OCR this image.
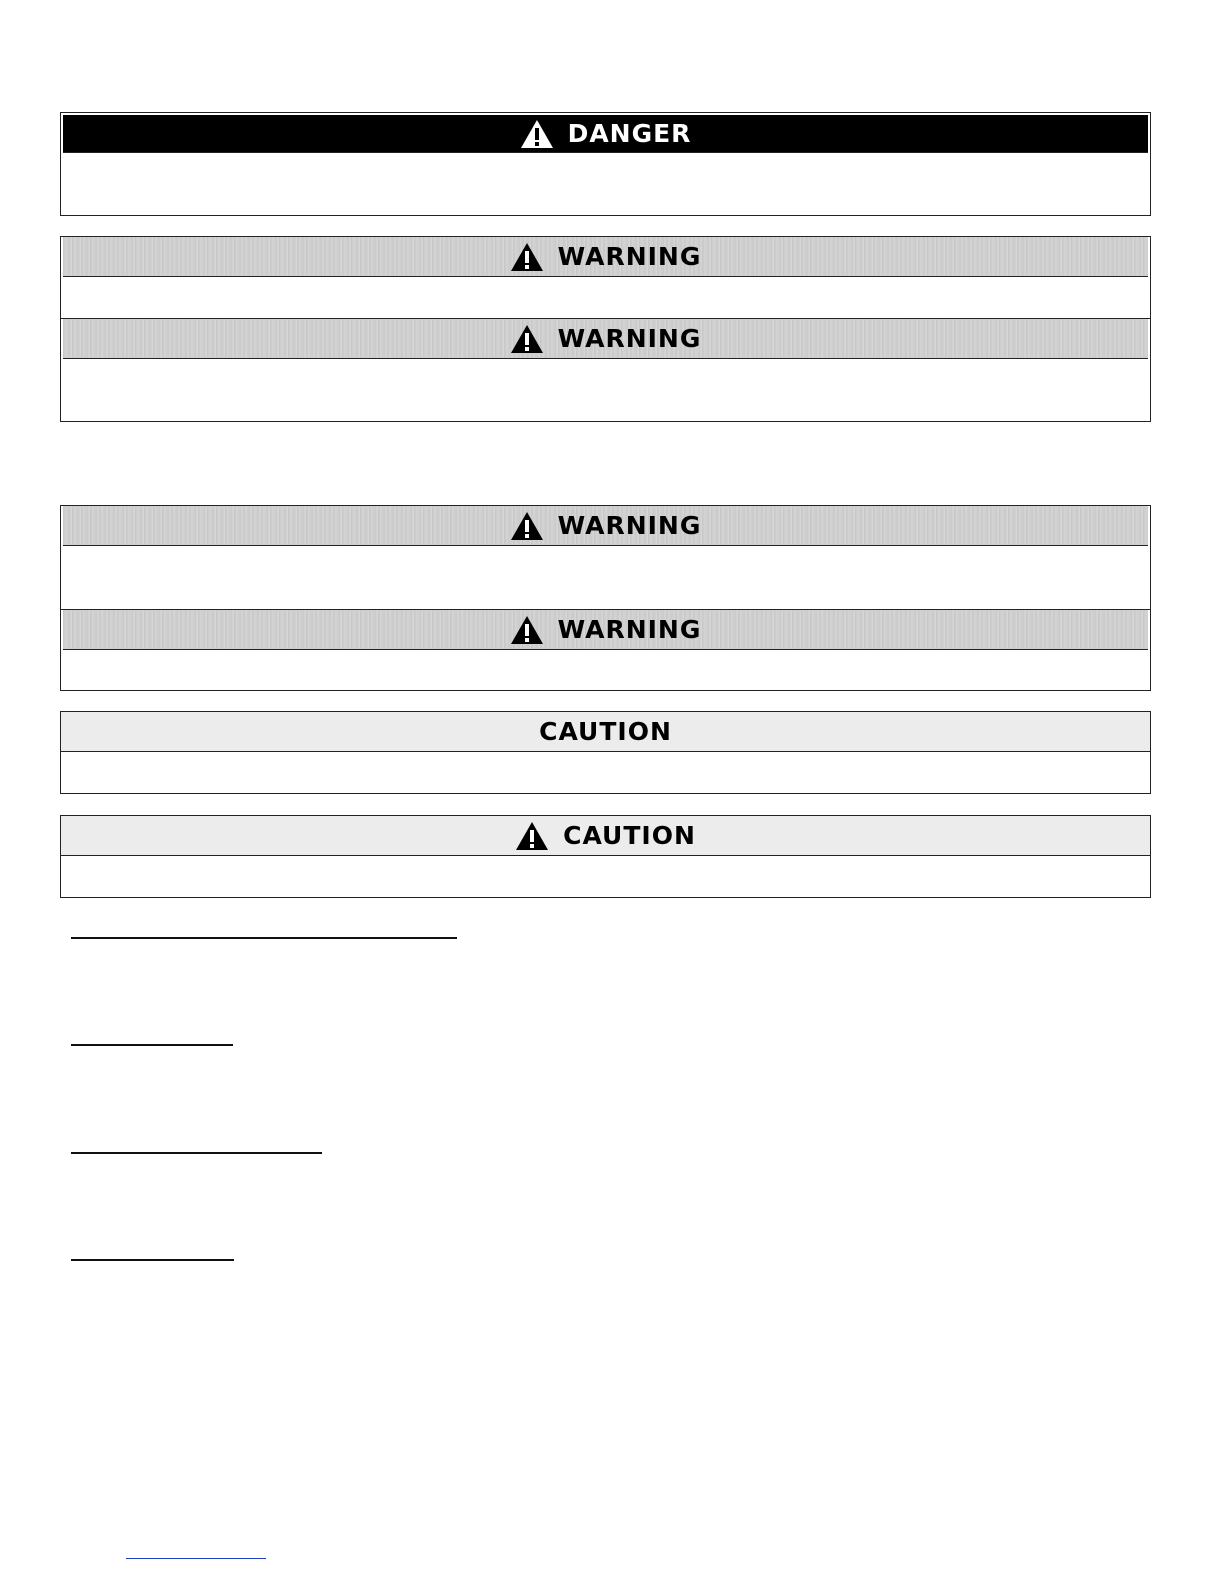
DANGER
WARNING
WARNING
WARNING
WARNING
CAUTION
CAUTION
